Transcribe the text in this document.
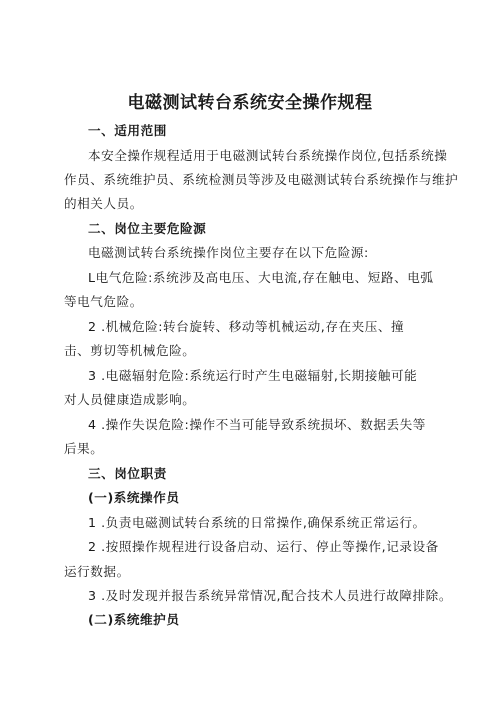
电磁测试转台系统安全操作规程
一、适用范围
本安全操作规程适用于电磁测试转台系统操作岗位,包括系统操
作员、系统维护员、系统检测员等涉及电磁测试转台系统操作与维护
的相关人员。
二、岗位主要危险源
电磁测试转台系统操作岗位主要存在以下危险源:
L电气危险:系统涉及高电压、大电流,存在触电、短路、电弧
等电气危险。
2 .机械危险:转台旋转、移动等机械运动,存在夹压、撞
击、剪切等机械危险。
3 .电磁辐射危险:系统运行时产生电磁辐射,长期接触可能
对人员健康造成影响。
4 .操作失误危险:操作不当可能导致系统损坏、数据丢失等
后果。
三、岗位职责
(一)系统操作员
1 .负责电磁测试转台系统的日常操作,确保系统正常运行。
2 .按照操作规程进行设备启动、运行、停止等操作,记录设备
运行数据。
3 .及时发现并报告系统异常情况,配合技术人员进行故障排除。
(二)系统维护员
